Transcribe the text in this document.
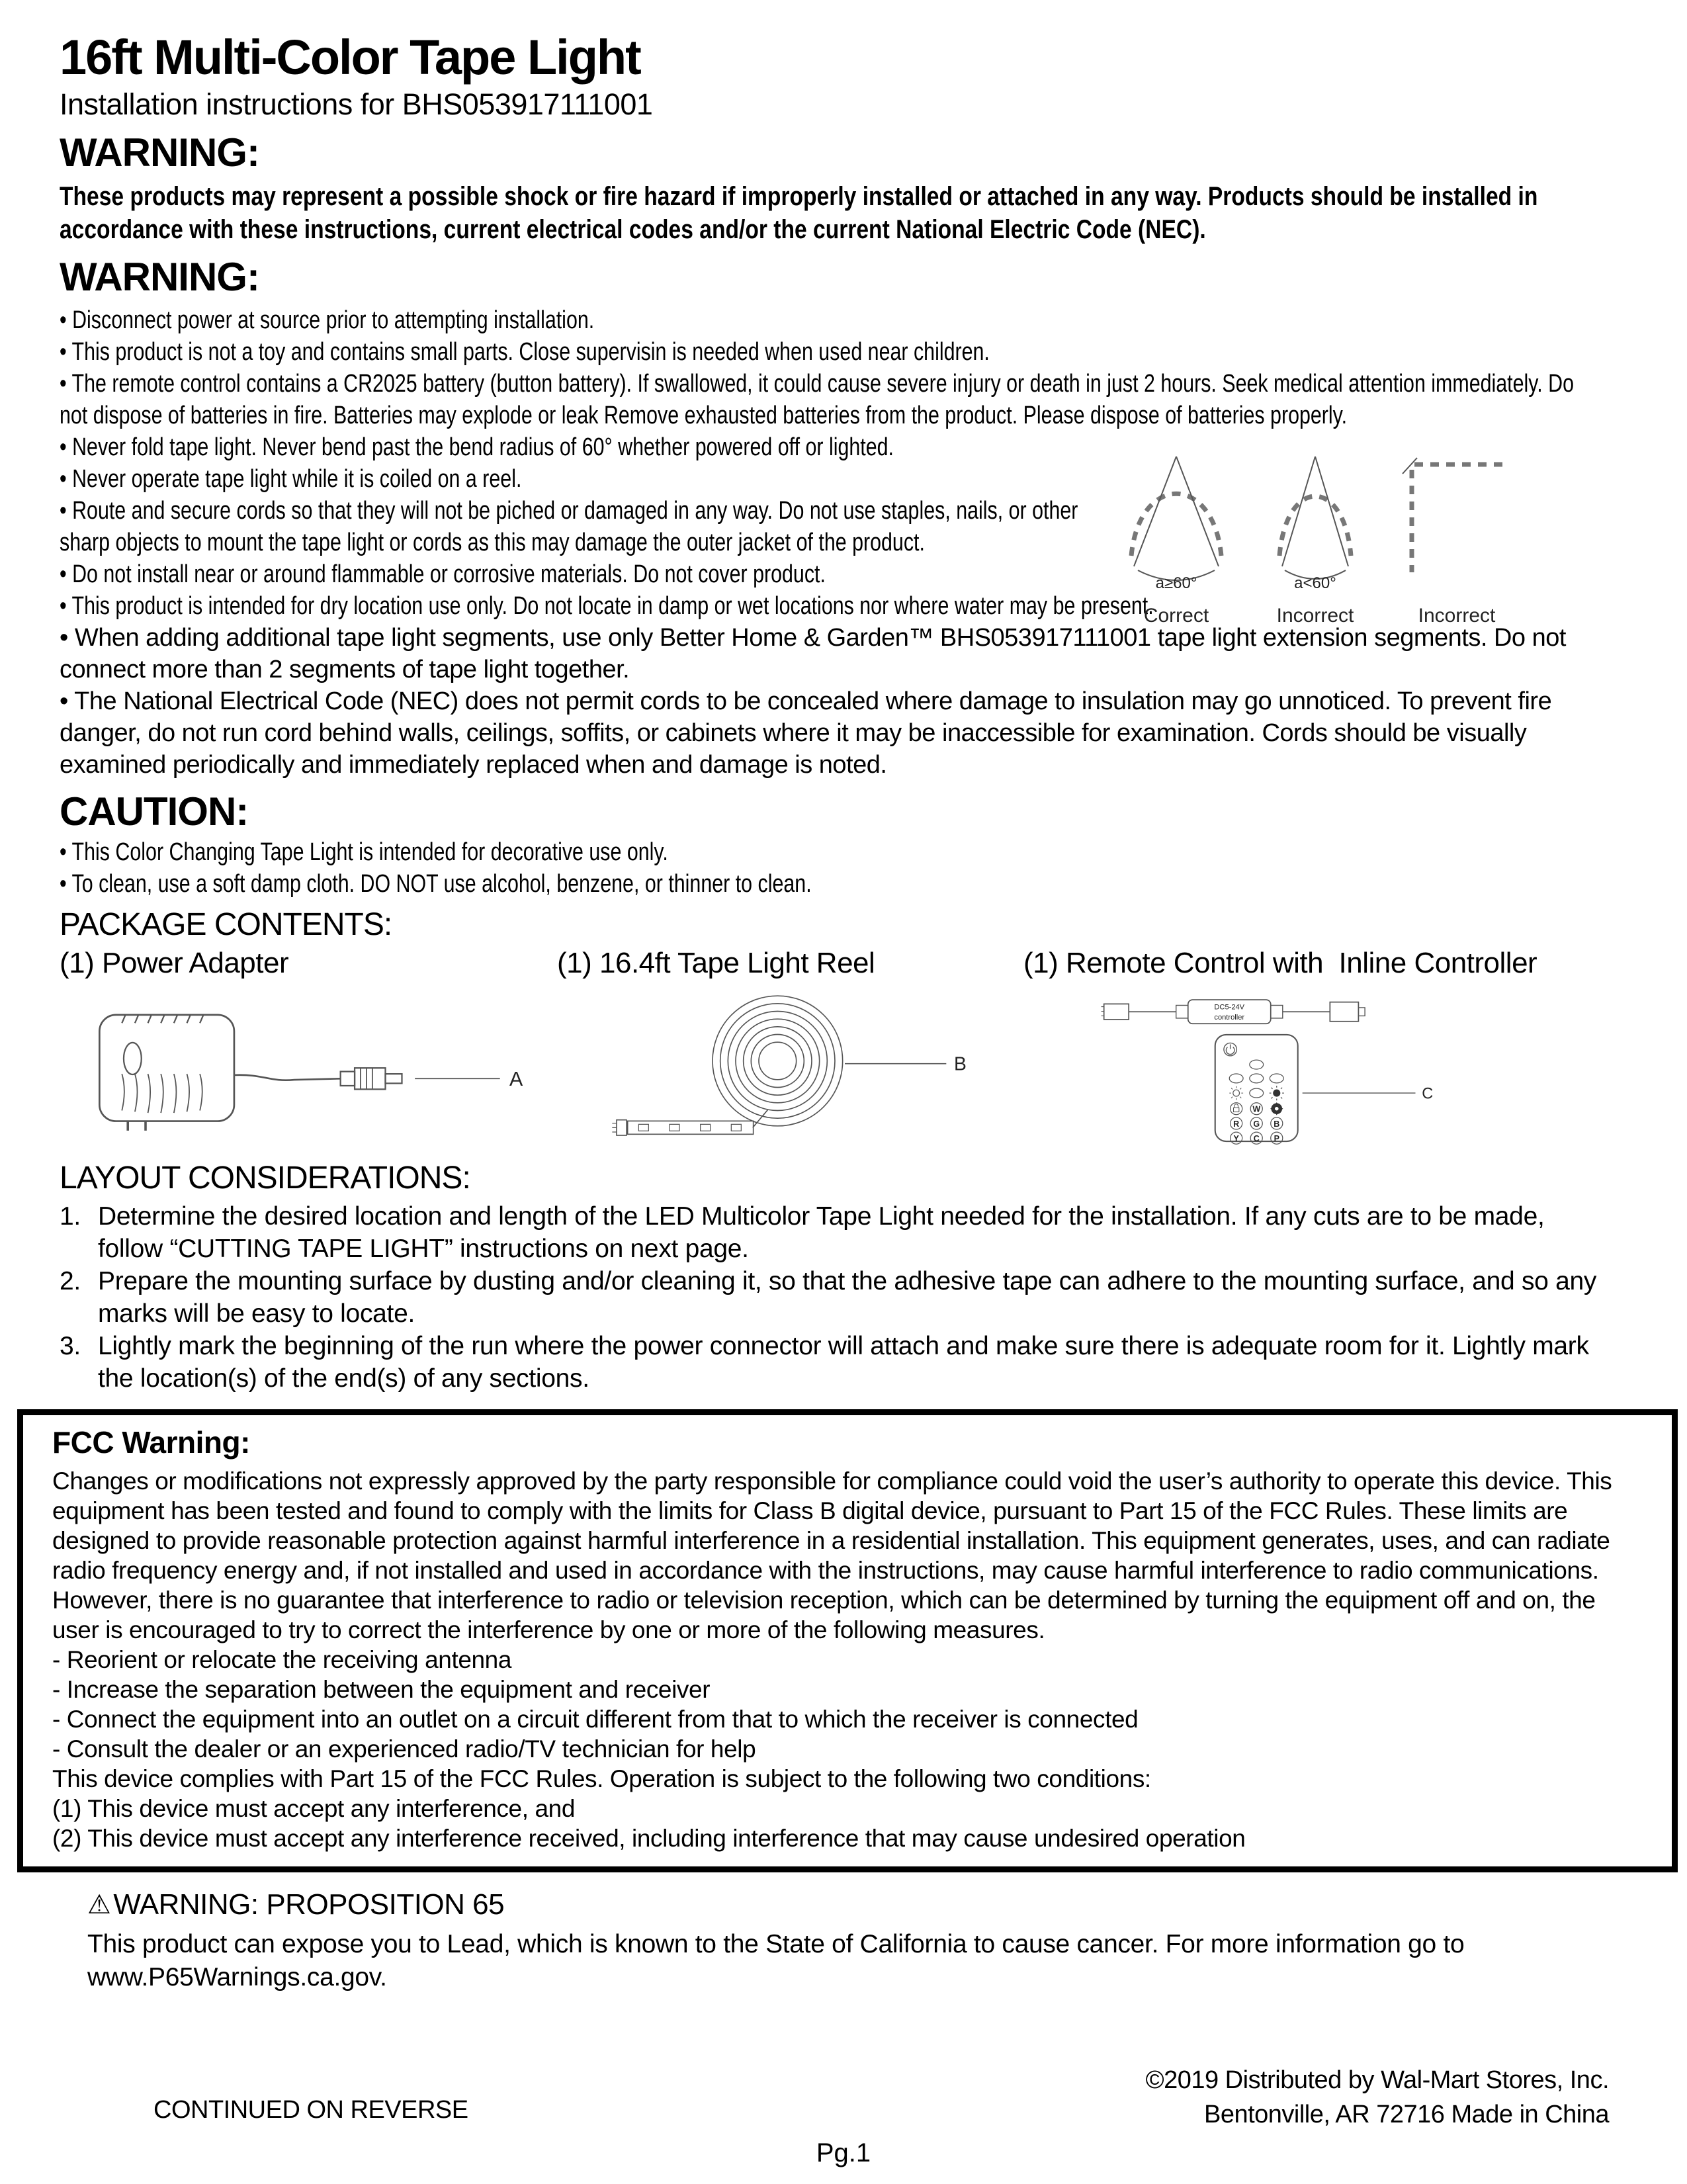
16ft Multi-Color Tape Light
Installation instructions for BHS053917111001
WARNING:
These products may represent a possible shock or fire hazard if improperly installed or attached in any way. Products should be installed in accordance with these instructions, current electrical codes and/or the current National Electric Code (NEC).
WARNING:
• Disconnect power at source prior to attempting installation.
• This product is not a toy and contains small parts. Close supervisin is needed when used near children.
• The remote control contains a CR2025 battery (button battery). If swallowed, it could cause severe injury or death in just 2 hours. Seek medical attention immediately. Do not dispose of batteries in fire. Batteries may explode or leak Remove exhausted batteries from the product. Please dispose of batteries properly.
• Never fold tape light. Never bend past the bend radius of 60° whether powered off or lighted.
• Never operate tape light while it is coiled on a reel.
• Route and secure cords so that they will not be piched or damaged in any way. Do not use staples, nails, or other sharp objects to mount the tape light or cords as this may damage the outer jacket of the product.
• Do not install near or around flammable or corrosive materials. Do not cover product.
• This product is intended for dry location use only. Do not locate in damp or wet locations nor where water may be present.
• When adding additional tape light segments, use only Better Home & Garden™ BHS053917111001 tape light extension segments. Do not connect more than 2 segments of tape light together.
• The National Electrical Code (NEC) does not permit cords to be concealed where damage to insulation may go unnoticed. To prevent fire danger, do not run cord behind walls, ceilings, soffits, or cabinets where it may be inaccessible for examination. Cords should be visually examined periodically and immediately replaced when and damage is noted.
a≥60°
Correct
a<60°
Incorrect	Incorrect
CAUTION:
• This Color Changing Tape Light is intended for decorative use only.
• To clean, use a soft damp cloth. DO NOT use alcohol, benzene, or thinner to clean.
PACKAGE CONTENTS:
(1) Power Adapter
A
(1) 16.4ft Tape Light Reel
B
(1) Remote Control with  Inline Controller
DC5-24V
controller
W
R G B
Y C P
C
LAYOUT CONSIDERATIONS:
1. Determine the desired location and length of the LED Multicolor Tape Light needed for the installation. If any cuts are to be made, follow “CUTTING TAPE LIGHT” instructions on next page.
2. Prepare the mounting surface by dusting and/or cleaning it, so that the adhesive tape can adhere to the mounting surface, and so any marks will be easy to locate.
3. Lightly mark the beginning of the run where the power connector will attach and make sure there is adequate room for it. Lightly mark the location(s) of the end(s) of any sections.
FCC Warning:
Changes or modifications not expressly approved by the party responsible for compliance could void the user’s authority to operate this device. This equipment has been tested and found to comply with the limits for Class B digital device, pursuant to Part 15 of the FCC Rules. These limits are designed to provide reasonable protection against harmful interference in a residential installation. This equipment generates, uses, and can radiate radio frequency energy and, if not installed and used in accordance with the instructions, may cause harmful interference to radio communications. However, there is no guarantee that interference to radio or television reception, which can be determined by turning the equipment off and on, the user is encouraged to try to correct the interference by one or more of the following measures.
- Reorient or relocate the receiving antenna
- Increase the separation between the equipment and receiver
- Connect the equipment into an outlet on a circuit different from that to which the receiver is connected
- Consult the dealer or an experienced radio/TV technician for help
This device complies with Part 15 of the FCC Rules. Operation is subject to the following two conditions:
(1) This device must accept any interference, and
(2) This device must accept any interference received, including interference that may cause undesired operation
⚠ WARNING: PROPOSITION 65
This product can expose you to Lead, which is known to the State of California to cause cancer. For more information go to www.P65Warnings.ca.gov.
CONTINUED ON REVERSE
©2019 Distributed by Wal-Mart Stores, Inc.
Bentonville, AR 72716 Made in China
Pg.1
